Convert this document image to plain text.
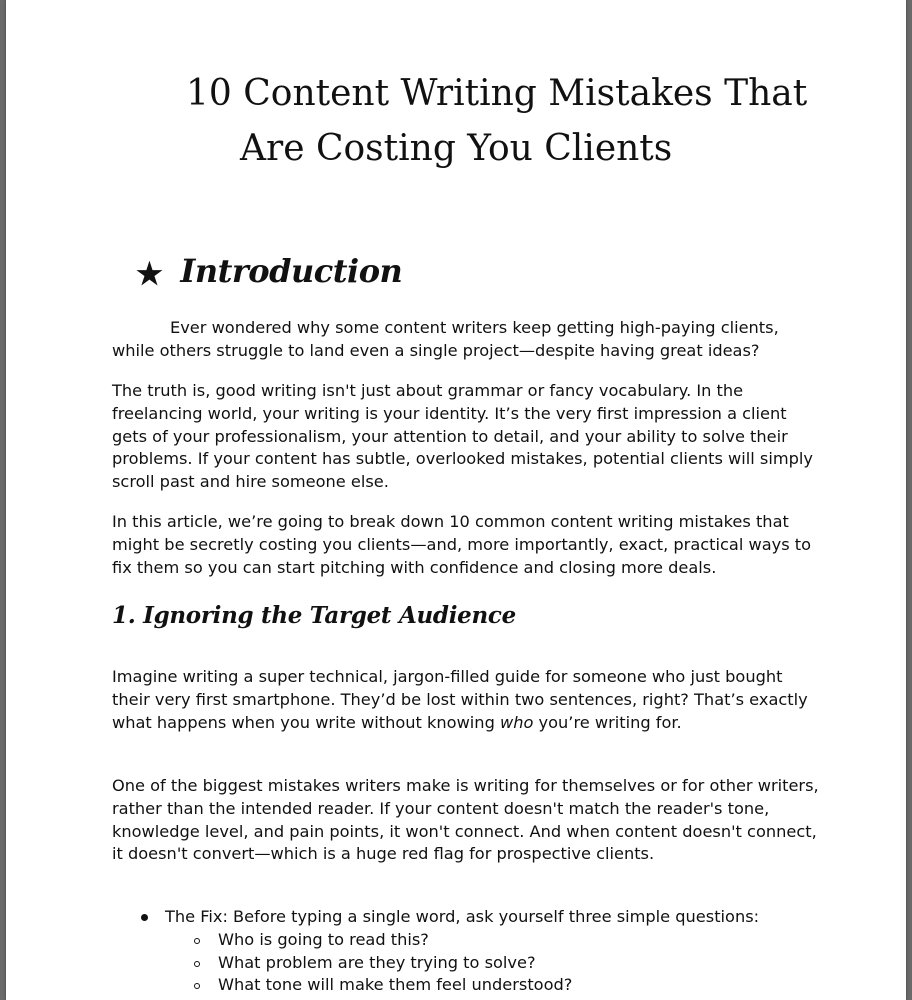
10 Content Writing Mistakes That
Are Costing You Clients
★ Introduction

Ever wondered why some content writers keep getting high-paying clients, while others struggle to land even a single project—despite having great ideas?

The truth is, good writing isn't just about grammar or fancy vocabulary. In the freelancing world, your writing is your identity. It’s the very first impression a client gets of your professionalism, your attention to detail, and your ability to solve their problems. If your content has subtle, overlooked mistakes, potential clients will simply scroll past and hire someone else.

In this article, we’re going to break down 10 common content writing mistakes that might be secretly costing you clients—and, more importantly, exact, practical ways to fix them so you can start pitching with confidence and closing more deals.

1. Ignoring the Target Audience

Imagine writing a super technical, jargon-filled guide for someone who just bought their very first smartphone. They’d be lost within two sentences, right? That’s exactly what happens when you write without knowing who you’re writing for.

One of the biggest mistakes writers make is writing for themselves or for other writers, rather than the intended reader. If your content doesn't match the reader's tone, knowledge level, and pain points, it won't connect. And when content doesn't connect, it doesn't convert—which is a huge red flag for prospective clients.

The Fix: Before typing a single word, ask yourself three simple questions:
Who is going to read this?
What problem are they trying to solve?
What tone will make them feel understood?
